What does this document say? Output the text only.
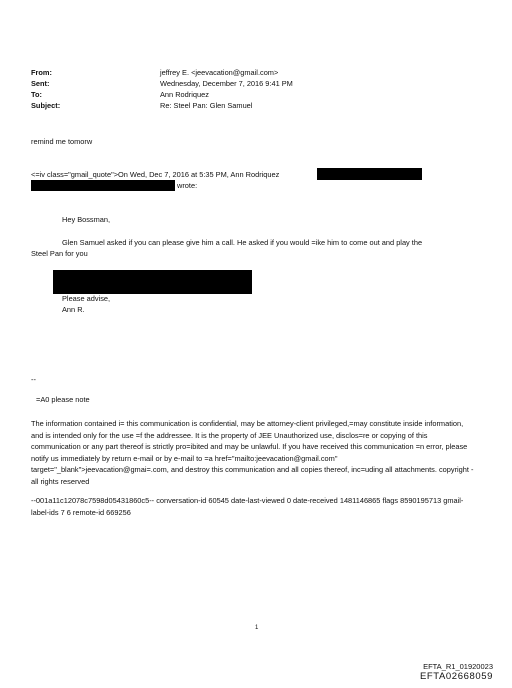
From:	jeffrey E. <jeevacation@gmail.com>
Sent:	Wednesday, December 7, 2016 9:41 PM
To:	Ann Rodriquez
Subject:	Re: Steel Pan: Glen Samuel
remind me tomorw
<=iv class="gmail_quote">On Wed, Dec 7, 2016 at 5:35 PM, Ann Rodriquez
wrote:
Hey Bossman,
Glen Samuel asked if you can please give him a call. He asked if you would =ike him to come out and play the
Steel Pan for you
Please advise,
Ann R.
--
=A0 please note
The information contained i= this communication is confidential, may be attorney-client privileged,=may constitute inside information, and is intended only for the use =f the addressee. It is the property of JEE Unauthorized use, disclos=re or copying of this communication or any part thereof is strictly pro=ibited and may be unlawful. If you have received this communication =n error, please notify us immediately by return e-mail or by e-mail to =a href="mailto:jeevacation@gmail.com" target="_blank">jeevacation@gmai=.com, and destroy this communication and all copies thereof, inc=uding all attachments. copyright -all rights reserved
--001a11c12078c7598d05431860c5-- conversation-id 60545 date-last-viewed 0 date-received 1481146865 flags 8590195713 gmail-label-ids 7 6 remote-id 669256
1
EFTA_R1_01920023
EFTA02668059
